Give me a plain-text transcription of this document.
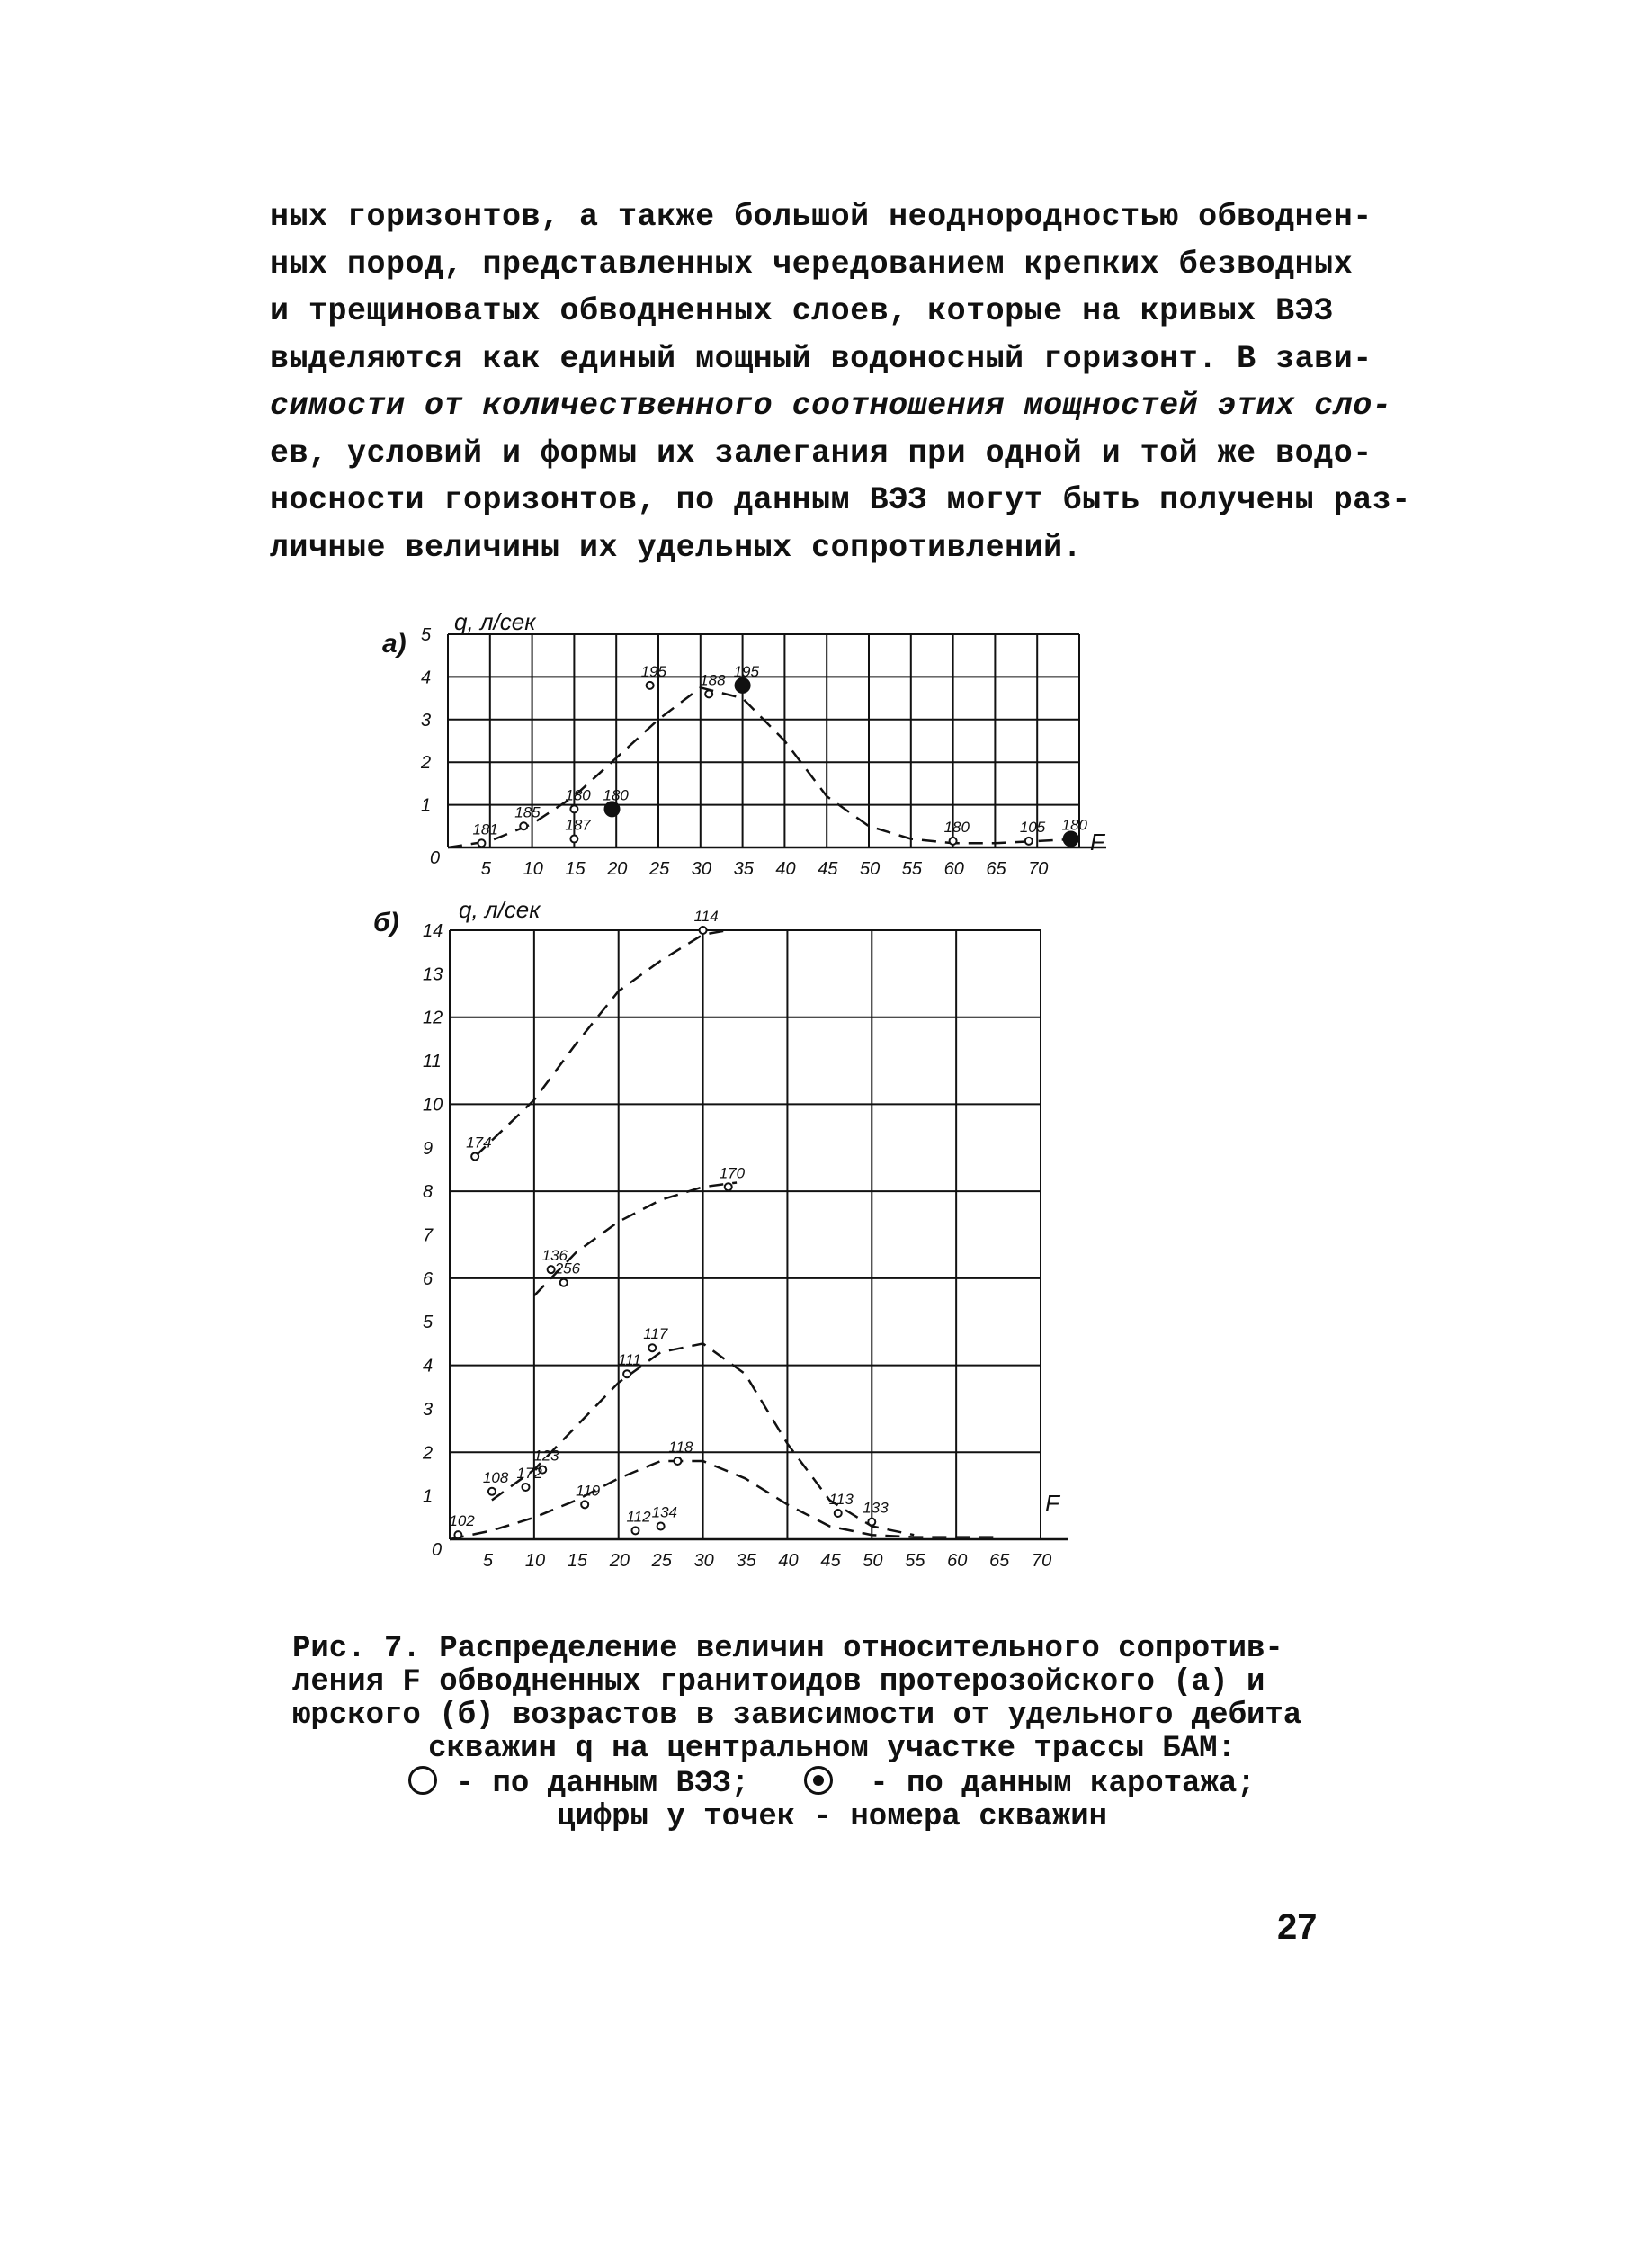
ных горизонтов, а также большой неоднородностью обводнен-
ных пород, представленных чередованием крепких безводных
и трещиноватых обводненных слоев, которые на кривых ВЭЗ
выделяются как единый мощный водоносный горизонт. В зави-
симости от количественного соотношения мощностей этих сло-
ев, условий и формы их залегания при одной и той же водо-
носности горизонтов, по данным ВЭЗ могут быть получены раз-
личные величины их удельных сопротивлений.
а)
q, л/сек
F
181
185
180
187
180
195 188 195
180	105 180
0
5 10 15 20 25 30 35 40 45 50 55 60 65 70
1
2
3
4
5
б)	q, л/сек
F
174
114
170
136
256
117
111
123
172
108
118
119
102	112 134
113
133
0
5 10 15 20 25 30 35 40 45 50 55 60 65 70
1
2
3
4
5
6
7
8
9
10
11
12
13
14
Рис. 7. Распределение величин относительного сопротив-
ления F обводненных гранитоидов протерозойского (а) и
юрского (б) возрастов в зависимости от удельного дебита
скважин q на центральном участке трассы БАМ:
- по данным ВЭЗ;	- по данным каротажа;
цифры у точек - номера скважин
27
